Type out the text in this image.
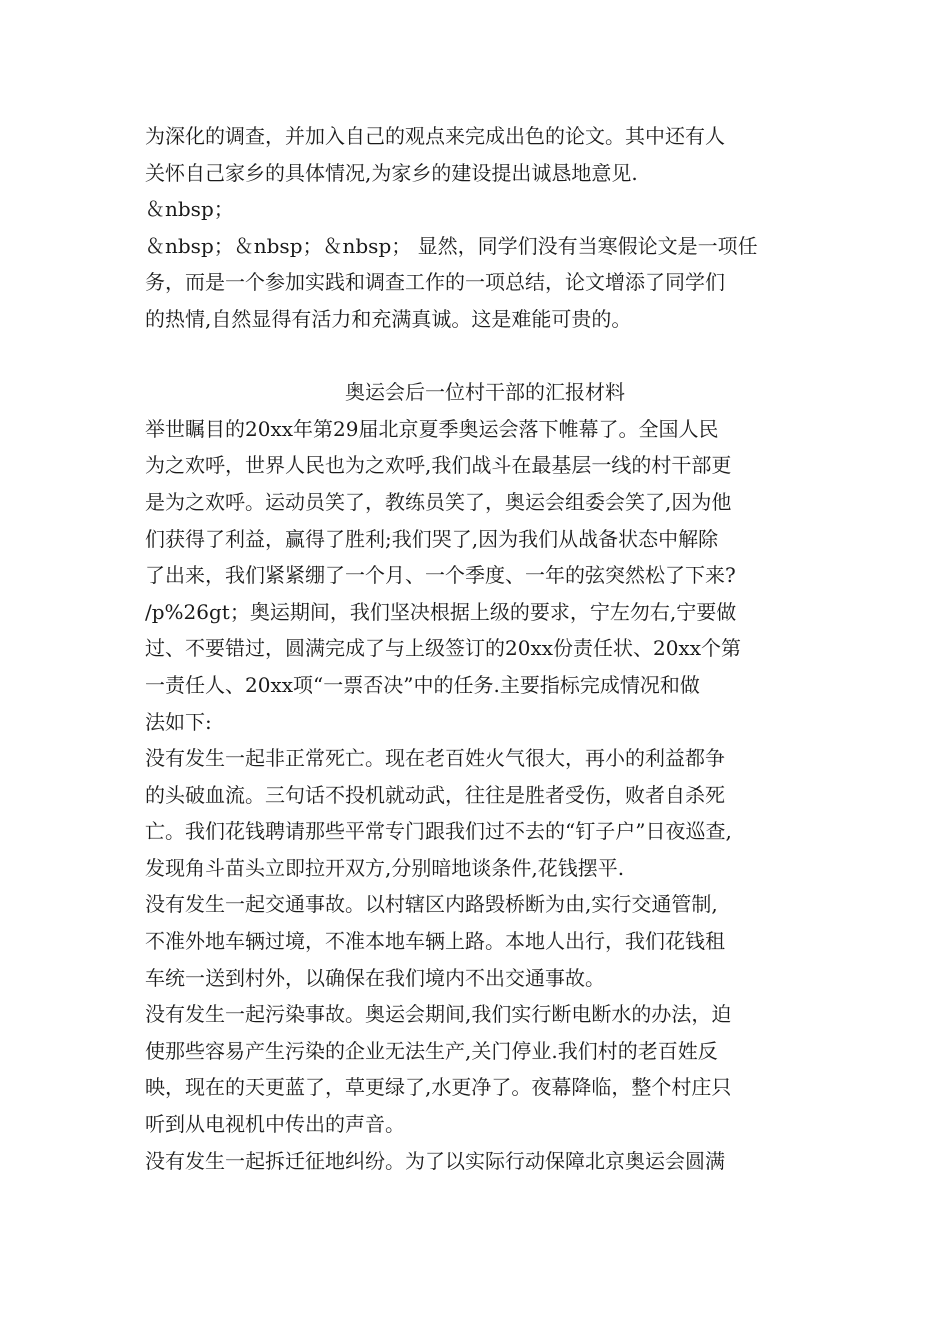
为深化的调查，并加入自己的观点来完成出色的论文。其中还有人
关怀自己家乡的具体情况,为家乡的建设提出诚恳地意见.
＆nbsp；
＆nbsp；＆nbsp；＆nbsp； 显然，同学们没有当寒假论文是一项任
务，而是一个参加实践和调查工作的一项总结，论文增添了同学们
的热情,自然显得有活力和充满真诚。这是难能可贵的。
奥运会后一位村干部的汇报材料
举世瞩目的20xx年第29届北京夏季奥运会落下帷幕了。全国人民
为之欢呼，世界人民也为之欢呼,我们战斗在最基层一线的村干部更
是为之欢呼。运动员笑了，教练员笑了，奥运会组委会笑了,因为他
们获得了利益，赢得了胜利;我们哭了,因为我们从战备状态中解除
了出来，我们紧紧绷了一个月、一个季度、一年的弦突然松了下来?
/p%26gt；奥运期间，我们坚决根据上级的要求，宁左勿右,宁要做
过、不要错过，圆满完成了与上级签订的20xx份责任状、20xx个第
一责任人、20xx项“一票否决”中的任务.主要指标完成情况和做
法如下:
没有发生一起非正常死亡。现在老百姓火气很大，再小的利益都争
的头破血流。三句话不投机就动武，往往是胜者受伤，败者自杀死
亡。我们花钱聘请那些平常专门跟我们过不去的“钉子户”日夜巡查,
发现角斗苗头立即拉开双方,分别暗地谈条件,花钱摆平.
没有发生一起交通事故。以村辖区内路毁桥断为由,实行交通管制,
不准外地车辆过境，不准本地车辆上路。本地人出行，我们花钱租
车统一送到村外，以确保在我们境内不出交通事故。
没有发生一起污染事故。奥运会期间,我们实行断电断水的办法，迫
使那些容易产生污染的企业无法生产,关门停业.我们村的老百姓反
映，现在的天更蓝了，草更绿了,水更净了。夜幕降临，整个村庄只
听到从电视机中传出的声音。
没有发生一起拆迁征地纠纷。为了以实际行动保障北京奥运会圆满
